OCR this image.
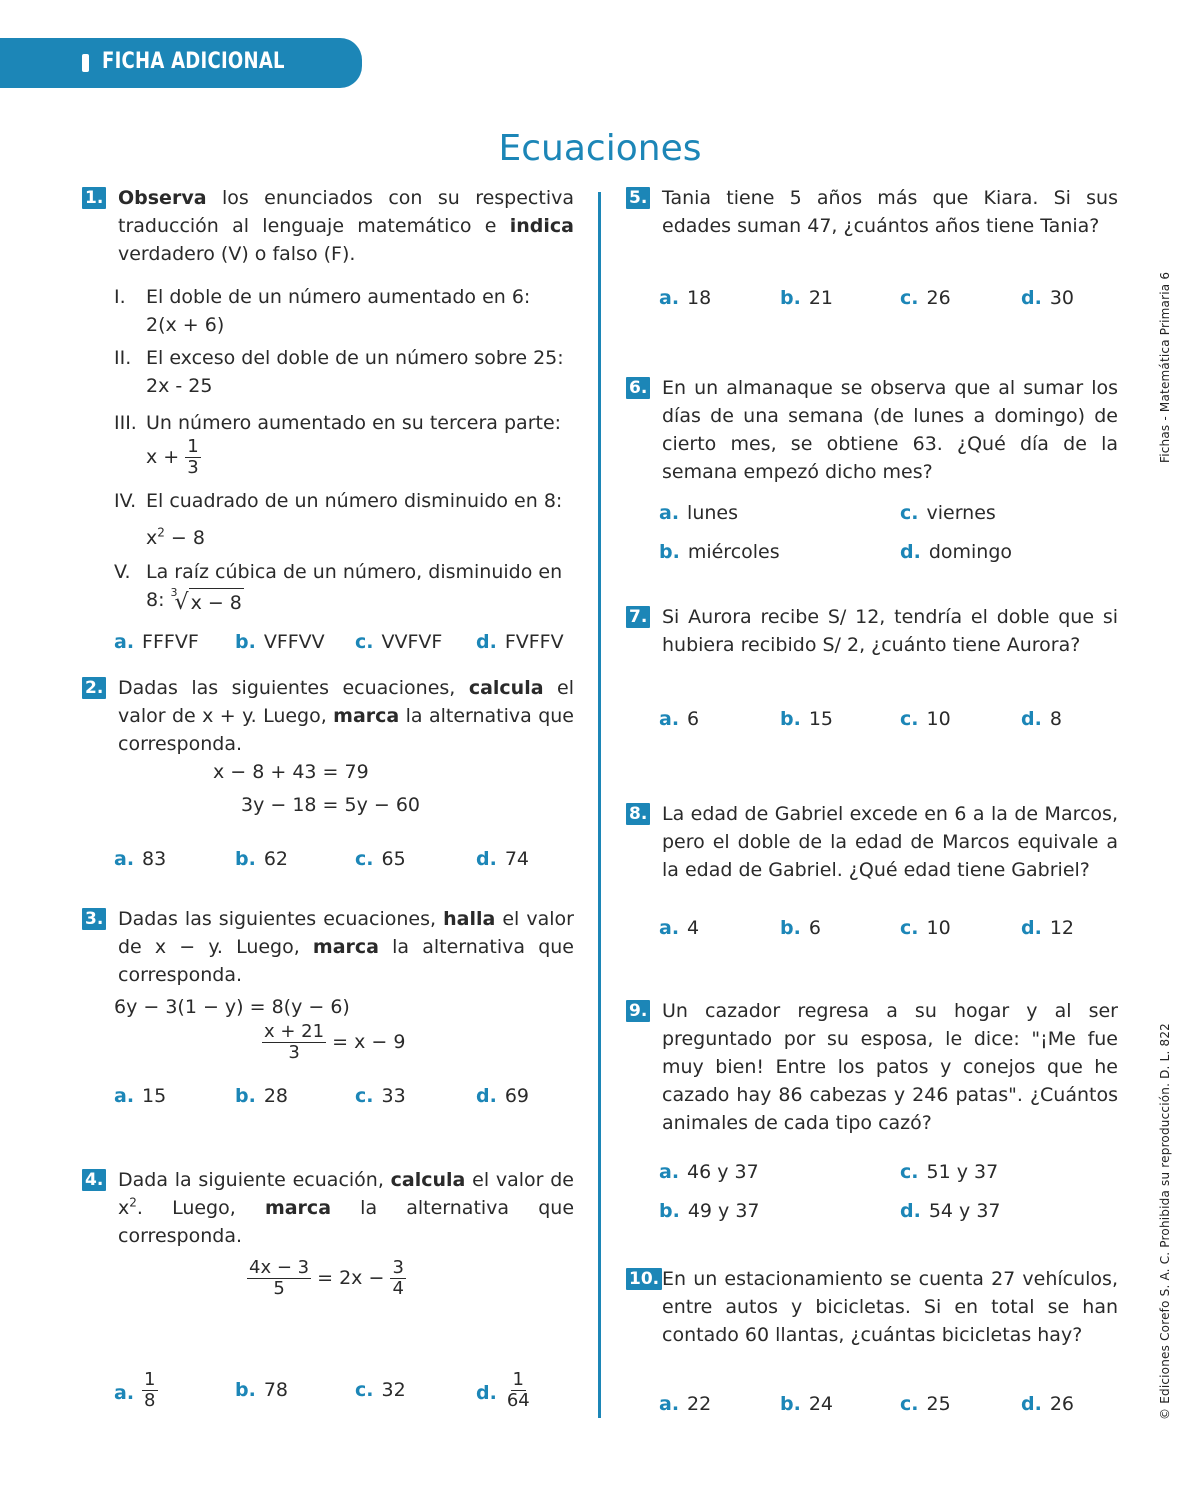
FICHA ADICIONAL
Ecuaciones
© Ediciones Corefo S. A. C. Prohibida su reproducción. D. L. 822Fichas - Matemática Primaria 6
1. Observa los enunciados con su respectiva traducción al lenguaje matemático e indica verdadero (V) o falso (F).
I. El doble de un número aumentado en 6:
2(x + 6)
II. El exceso del doble de un número sobre 25:
2x - 25
III. Un número aumentado en su tercera parte:
$x + \frac{1}{3}$
IV. El cuadrado de un número disminuido en 8:
$x^2 - 8$
V. La raíz cúbica de un número, disminuido en
8: 3
√ x − 8
a. FFFVF b. VFFVV c. VVFVF d. FVFFV
2. Dadas las siguientes ecuaciones, calcula el valor de x + y. Luego, marca la alternativa que corresponda.
x − 8 + 43 = 79
3y − 18 = 5y − 60
a. 83	b. 62	c. 65	d. 74
3. Dadas las siguientes ecuaciones, halla el valor de x − y. Luego, marca la alternativa que corresponda.
6y − 3(1 − y) = 8(y − 6)
$\frac{x + 21}{3} = x - 9$
a. 15	b. 28	c. 33	d. 69
4. Dada la siguiente ecuación, calcula el valor de $x^2$. Luego, marca la alternativa que corresponda.
$\frac{4x - 3}{5} = 2x - \frac{3}{4}$
a. $\frac{1}{8}$	b. 78	c. 32	d. $\frac{1}{64}$
5. Tania tiene 5 años más que Kiara. Si sus edades suman 47, ¿cuántos años tiene Tania?
a. 18	b. 21	c. 26	d. 30
6. En un almanaque se observa que al sumar los días de una semana (de lunes a domingo) de cierto mes, se obtiene 63. ¿Qué día de la semana empezó dicho mes?
a. lunes	c. viernes
b. miércoles	d. domingo
7. Si Aurora recibe S/ 12, tendría el doble que si hubiera recibido S/ 2, ¿cuánto tiene Aurora?
a. 6	b. 15	c. 10	d. 8
8. La edad de Gabriel excede en 6 a la de Marcos, pero el doble de la edad de Marcos equivale a la edad de Gabriel. ¿Qué edad tiene Gabriel?
a. 4	b. 6	c. 10	d. 12
9. Un cazador regresa a su hogar y al ser preguntado por su esposa, le dice: "¡Me fue muy bien! Entre los patos y conejos que he cazado hay 86 cabezas y 246 patas". ¿Cuántos animales de cada tipo cazó?
a. 46 y 37	c. 51 y 37
b. 49 y 37	d. 54 y 37
10. En un estacionamiento se cuenta 27 vehículos, entre autos y bicicletas. Si en total se han contado 60 llantas, ¿cuántas bicicletas hay?
a. 22	b. 24	c. 25	d. 26
